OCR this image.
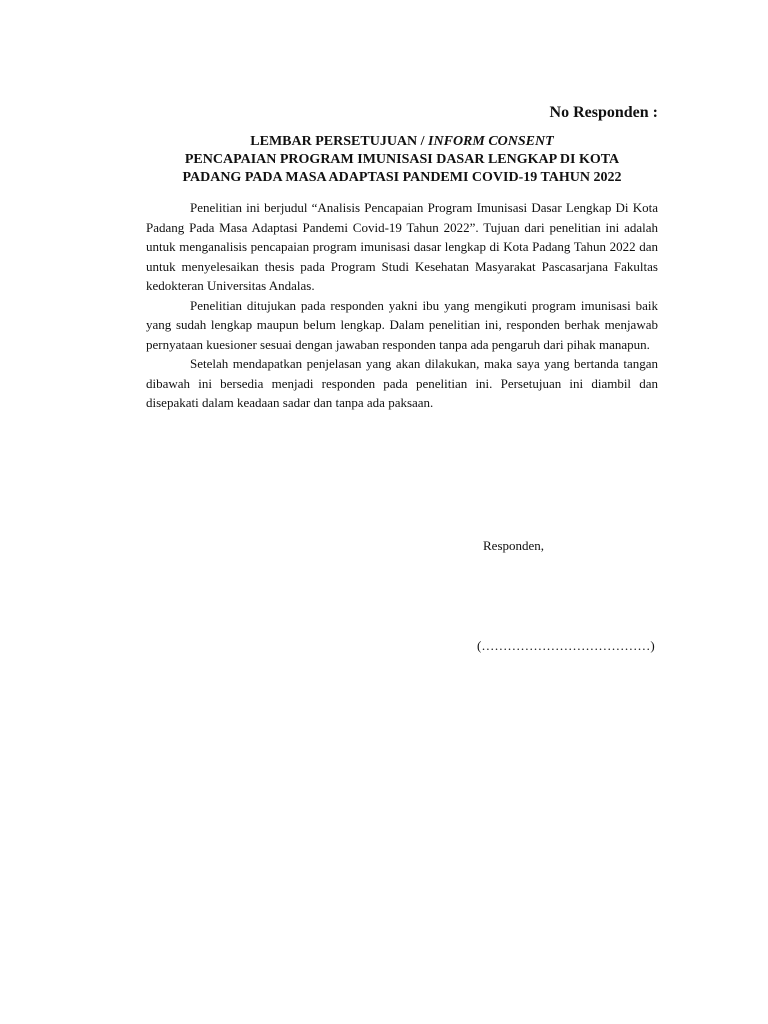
No Responden :
LEMBAR PERSETUJUAN / INFORM CONSENT
PENCAPAIAN PROGRAM IMUNISASI DASAR LENGKAP DI KOTA
PADANG PADA MASA ADAPTASI PANDEMI COVID-19 TAHUN 2022

Penelitian ini berjudul “Analisis Pencapaian Program Imunisasi Dasar Lengkap Di Kota Padang Pada Masa Adaptasi Pandemi Covid-19 Tahun 2022”. Tujuan dari penelitian ini adalah untuk menganalisis pencapaian program imunisasi dasar lengkap di Kota Padang Tahun 2022 dan untuk menyelesaikan thesis pada Program Studi Kesehatan Masyarakat Pascasarjana Fakultas kedokteran Universitas Andalas.

Penelitian ditujukan pada responden yakni ibu yang mengikuti program imunisasi baik yang sudah lengkap maupun belum lengkap. Dalam penelitian ini, responden berhak menjawab pernyataan kuesioner sesuai dengan jawaban responden tanpa ada pengaruh dari pihak manapun.

Setelah mendapatkan penjelasan yang akan dilakukan, maka saya yang bertanda tangan dibawah ini bersedia menjadi responden pada penelitian ini. Persetujuan ini diambil dan disepakati dalam keadaan sadar dan tanpa ada paksaan.

Responden,
(…………………………………)
